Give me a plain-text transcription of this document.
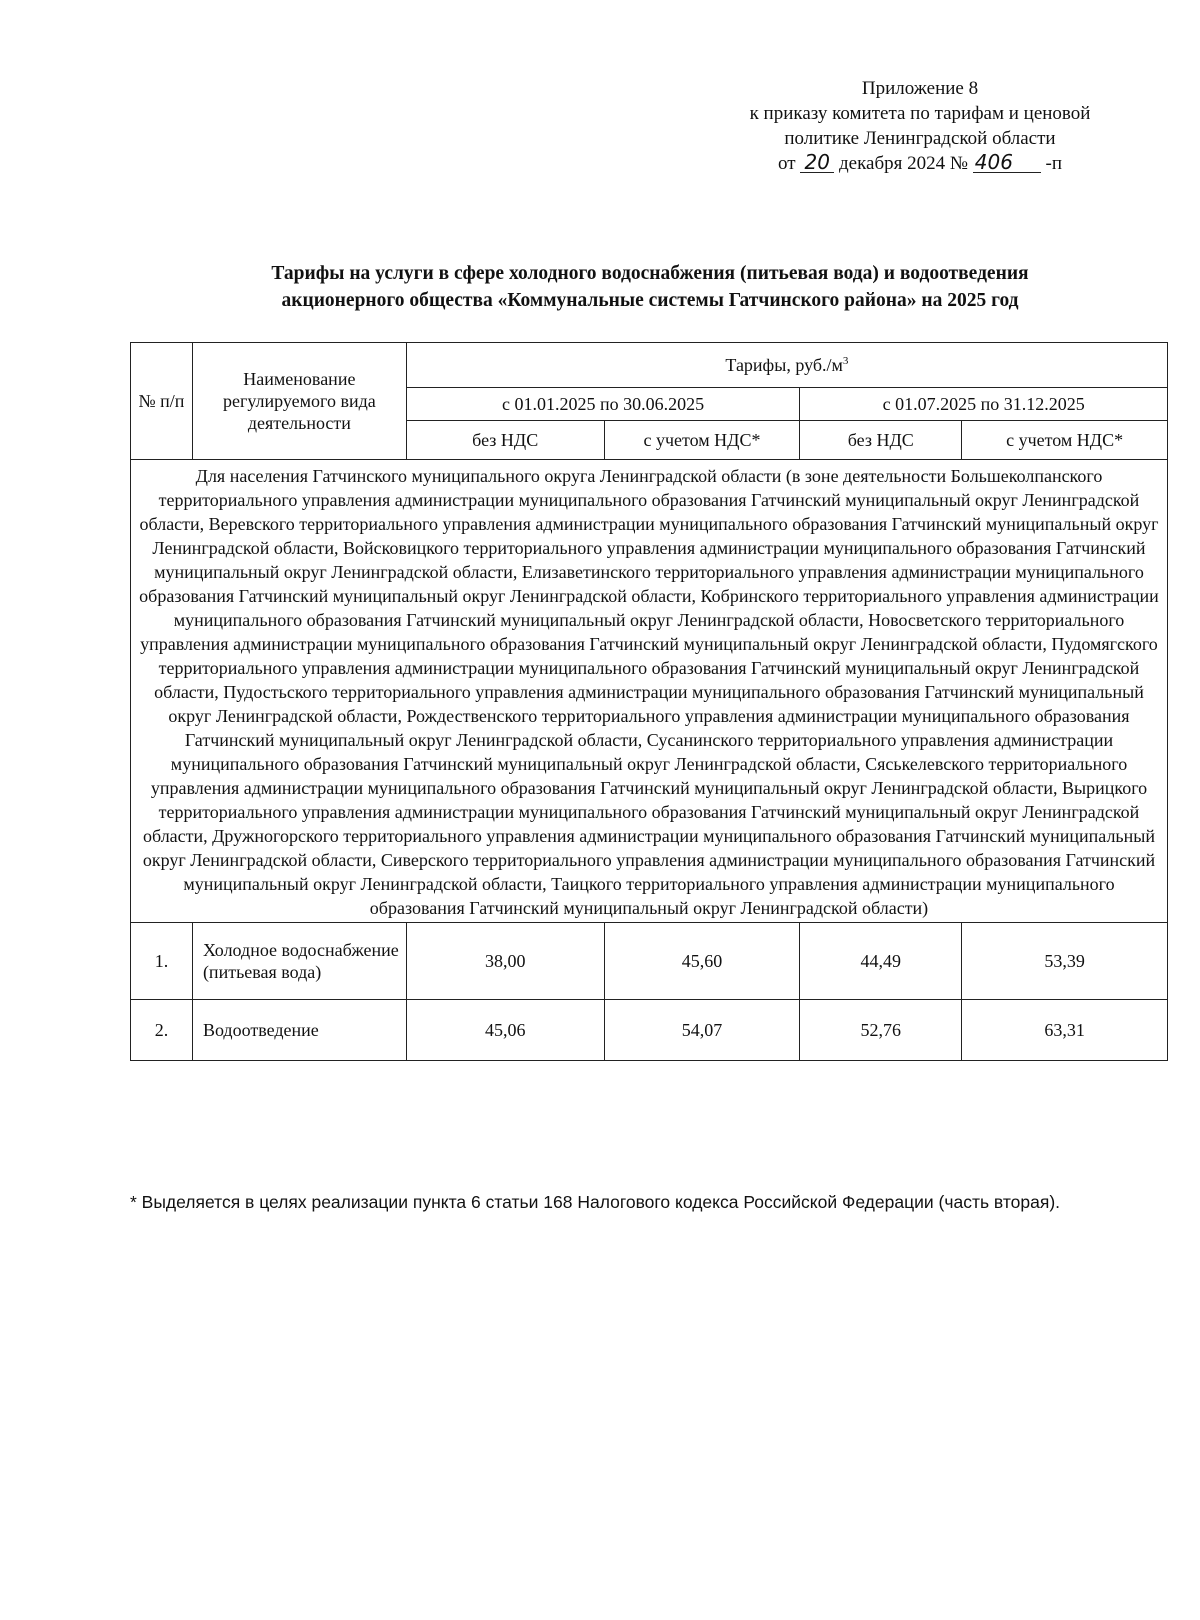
Приложение 8
к приказу комитета по тарифам и ценовой
политике Ленинградской области
от 20 декабря 2024 № 406 -п
Тарифы на услуги в сфере холодного водоснабжения (питьевая вода) и водоотведения
акционерного общества «Коммунальные системы Гатчинского района» на 2025 год
№ п/п	Наименование регулируемого вида деятельности	Тарифы, $руб./м^3$
		с 01.01.2025 по 30.06.2025		с 01.07.2025 по 31.12.2025	
		без НДС	с учетом НДС*	без НДС	с учетом НДС*
Для населения Гатчинского муниципального округа Ленинградской области (в зоне деятельности Большеколпанского территориального управления администрации муниципального образования Гатчинский муниципальный округ Ленинградской области, Веревского территориального управления администрации муниципального образования Гатчинский муниципальный округ Ленинградской области, Войсковицкого территориального управления администрации муниципального образования Гатчинский муниципальный округ Ленинградской области, Елизаветинского территориального управления администрации муниципального образования Гатчинский муниципальный округ Ленинградской области, Кобринского территориального управления администрации муниципального образования Гатчинский муниципальный округ Ленинградской области, Новосветского территориального управления администрации муниципального образования Гатчинский муниципальный округ Ленинградской области, Пудомягского территориального управления администрации муниципального образования Гатчинский муниципальный округ Ленинградской области, Пудостьского территориального управления администрации муниципального образования Гатчинский муниципальный округ Ленинградской области, Рождественского территориального управления администрации муниципального образования Гатчинский муниципальный округ Ленинградской области, Сусанинского территориального управления администрации муниципального образования Гатчинский муниципальный округ Ленинградской области, Сяськелевского территориального управления администрации муниципального образования Гатчинский муниципальный округ Ленинградской области, Вырицкого территориального управления администрации муниципального образования Гатчинский муниципальный округ Ленинградской области, Дружногорского территориального управления администрации муниципального образования Гатчинский муниципальный округ Ленинградской области, Сиверского территориального управления администрации муниципального образования Гатчинский муниципальный округ Ленинградской области, Таицкого территориального управления администрации муниципального образования Гатчинский муниципальный округ Ленинградской области)					
1.	Холодное водоснабжение (питьевая вода)	38,00	45,60	44,49	53,39
2.	Водоотведение	45,06	54,07	52,76	63,31
* Выделяется в целях реализации пункта 6 статьи 168 Налогового кодекса Российской Федерации (часть вторая).
